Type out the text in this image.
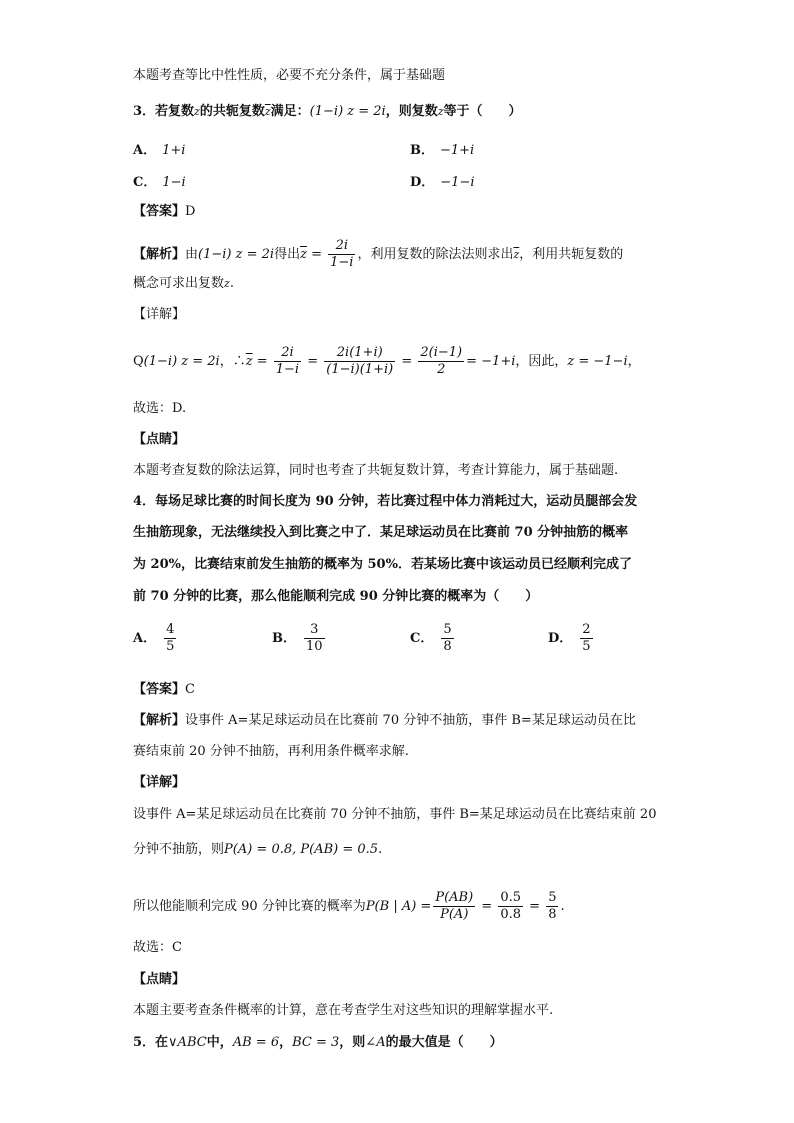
本题考查等比中性性质，必要不充分条件，属于基础题
3．若复数z的共轭复数$\overline{z}$满足：(1−i) z = 2i，则复数z等于（　　）
A． 1+i	B． −1+i
C． 1−i	D． −1−i
【答案】D
【解析】由(1−i) z = 2i得出$\overline{z} = \frac{2i}{1-i}$ ，利用复数的除法法则求出$\overline{z}$，利用共轭复数的
概念可求出复数z.
【详解】
Q(1−i) z = 2i，$\therefore\overline{z} = \frac{2i}{1-i} = \frac{2i(1+i)}{(1-i)(1+i)} = \frac{2(i-1)}{2} = -1+i$，因此，z = −1−i，
故选：D.
【点睛】
本题考查复数的除法运算，同时也考查了共轭复数计算，考查计算能力，属于基础题.
4．每场足球比赛的时间长度为 90 分钟，若比赛过程中体力消耗过大，运动员腿部会发
生抽筋现象，无法继续投入到比赛之中了．某足球运动员在比赛前 70 分钟抽筋的概率
为 20%，比赛结束前发生抽筋的概率为 50%．若某场比赛中该运动员已经顺利完成了
前 70 分钟的比赛，那么他能顺利完成 90 分钟比赛的概率为（　　）
A． $\frac{4}{5}$	B． $\frac{3}{10}$	C． $\frac{5}{8}$	D． $\frac{2}{5}$
【答案】C
【解析】设事件 A=某足球运动员在比赛前 70 分钟不抽筋，事件 B=某足球运动员在比
赛结束前 20 分钟不抽筋，再利用条件概率求解.
【详解】
设事件 A=某足球运动员在比赛前 70 分钟不抽筋，事件 B=某足球运动员在比赛结束前 20
分钟不抽筋，则P(A) = 0.8, P(AB) = 0.5.
所以他能顺利完成 90 分钟比赛的概率为P(B | $A) = \frac{P(AB)}{P(A)} = \frac{0.5}{0.8} = \frac{5}{8}$ .
故选：C
【点睛】
本题主要考查条件概率的计算，意在考查学生对这些知识的理解掌握水平.
5．在∨ABC中，AB = 6，BC = 3，则∠A的最大值是（　　）
